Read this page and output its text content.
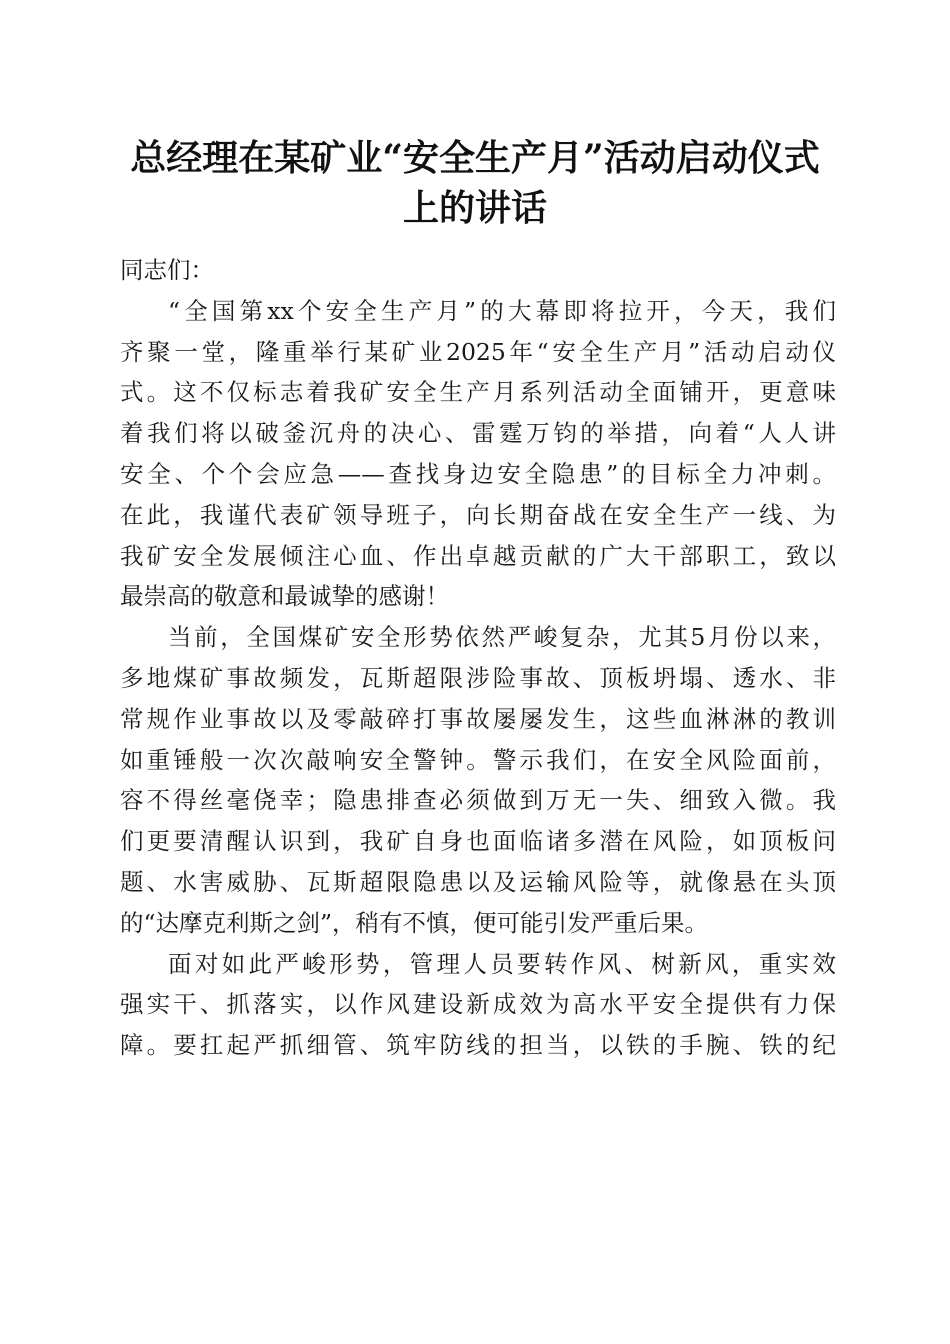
总经理在某矿业“安全生产月”活动启动仪式
上的讲话
同志们：

“全国第xx个安全生产月”的大幕即将拉开，今天，我们
齐聚一堂，隆重举行某矿业2025年“安全生产月”活动启动仪
式。这不仅标志着我矿安全生产月系列活动全面铺开，更意味
着我们将以破釜沉舟的决心、雷霆万钧的举措，向着“人人讲
安全、个个会应急——查找身边安全隐患”的目标全力冲刺。
在此，我谨代表矿领导班子，向长期奋战在安全生产一线、为
我矿安全发展倾注心血、作出卓越贡献的广大干部职工，致以
最崇高的敬意和最诚挚的感谢！

当前，全国煤矿安全形势依然严峻复杂，尤其5月份以来，
多地煤矿事故频发，瓦斯超限涉险事故、顶板坍塌、透水、非
常规作业事故以及零敲碎打事故屡屡发生，这些血淋淋的教训
如重锤般一次次敲响安全警钟。警示我们，在安全风险面前，
容不得丝毫侥幸；隐患排查必须做到万无一失、细致入微。我
们更要清醒认识到，我矿自身也面临诸多潜在风险，如顶板问
题、水害威胁、瓦斯超限隐患以及运输风险等，就像悬在头顶
的“达摩克利斯之剑”，稍有不慎，便可能引发严重后果。

面对如此严峻形势，管理人员要转作风、树新风，重实效
强实干、抓落实，以作风建设新成效为高水平安全提供有力保
障。要扛起严抓细管、筑牢防线的担当，以铁的手腕、铁的纪
